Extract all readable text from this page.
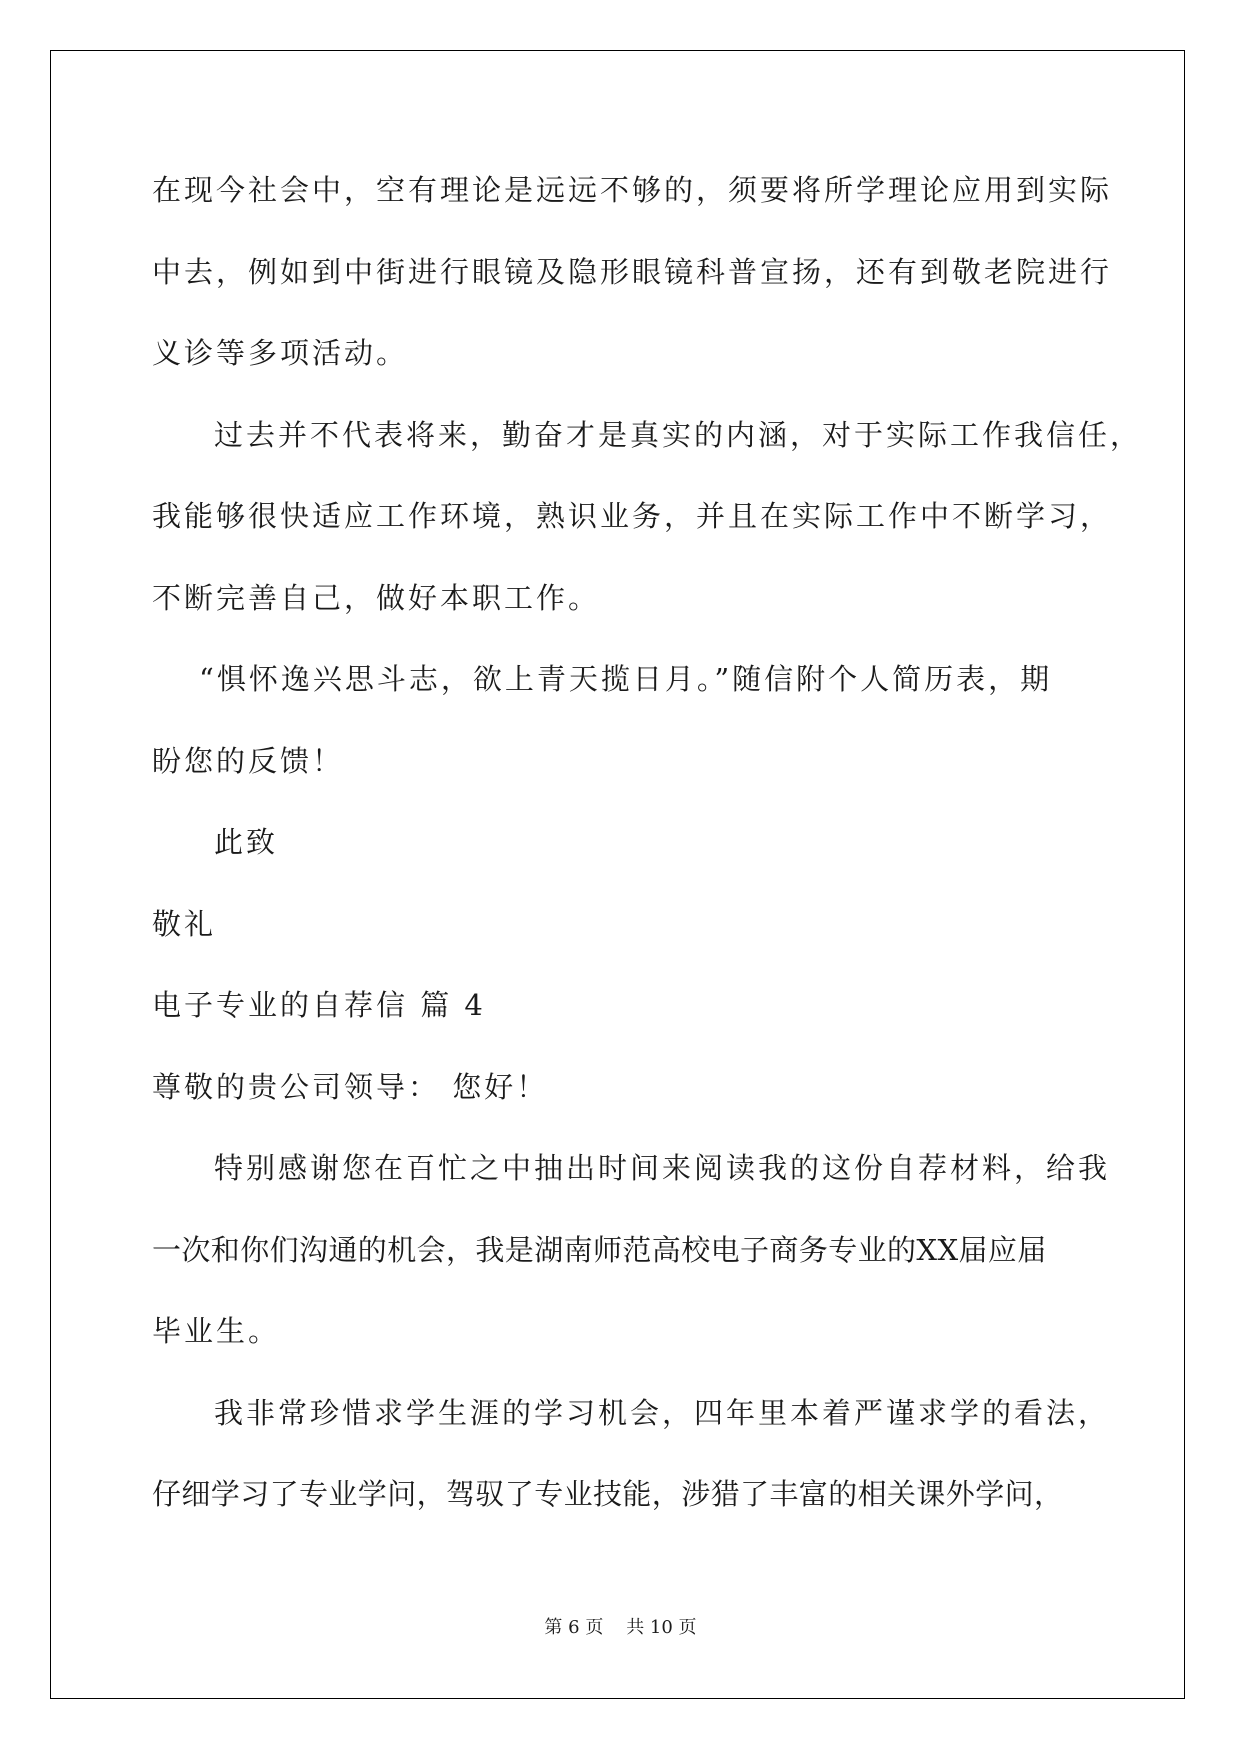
在现今社会中，空有理论是远远不够的，须要将所学理论应用到实际
中去，例如到中街进行眼镜及隐形眼镜科普宣扬，还有到敬老院进行
义诊等多项活动。
过去并不代表将来，勤奋才是真实的内涵，对于实际工作我信任，
我能够很快适应工作环境，熟识业务，并且在实际工作中不断学习，
不断完善自己，做好本职工作。
“惧怀逸兴思斗志，欲上青天揽日月。”随信附个人简历表，期
盼您的反馈！
此致
敬礼
电子专业的自荐信 篇 4
尊敬的贵公司领导： 您好！
特别感谢您在百忙之中抽出时间来阅读我的这份自荐材料，给我
一次和你们沟通的机会，我是湖南师范高校电子商务专业的XX届应届
毕业生。
我非常珍惜求学生涯的学习机会，四年里本着严谨求学的看法，
仔细学习了专业学问，驾驭了专业技能，涉猎了丰富的相关课外学问，
第 6 页    共 10 页
